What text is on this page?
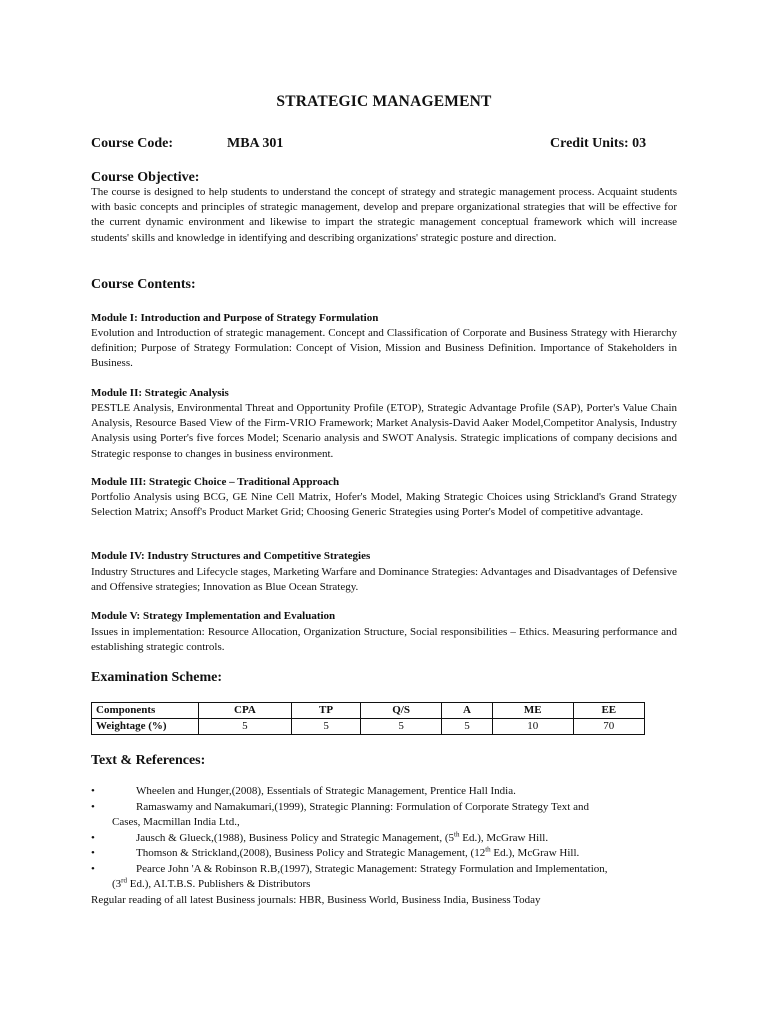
STRATEGIC MANAGEMENT
Course Code:	MBA 301	Credit Units: 03
Course Objective:

The course is designed to help students to understand the concept of strategy and strategic management process. Acquaint students with basic concepts and principles of strategic management, develop and prepare organizational strategies that will be effective for the current dynamic environment and likewise to impart the strategic management conceptual framework which will increase students' skills and knowledge in identifying and describing organizations' strategic posture and direction.

Course Contents:
Module I: Introduction and Purpose of Strategy Formulation

Evolution and Introduction of strategic management. Concept and Classification of Corporate and Business Strategy with Hierarchy definition; Purpose of Strategy Formulation: Concept of Vision, Mission and Business Definition. Importance of Stakeholders in Business.

Module II: Strategic Analysis

PESTLE Analysis, Environmental Threat and Opportunity Profile (ETOP), Strategic Advantage Profile (SAP), Porter's Value Chain Analysis, Resource Based View of the Firm-VRIO Framework; Market Analysis-David Aaker Model,Competitor Analysis, Industry Analysis using Porter's five forces Model; Scenario analysis and SWOT Analysis. Strategic implications of company decisions and Strategic response to changes in business environment.

Module III: Strategic Choice – Traditional Approach

Portfolio Analysis using BCG, GE Nine Cell Matrix, Hofer's Model, Making Strategic Choices using Strickland's Grand Strategy Selection Matrix; Ansoff's Product Market Grid; Choosing Generic Strategies using Porter's Model of competitive advantage.

Module IV: Industry Structures and Competitive Strategies

Industry Structures and Lifecycle stages, Marketing Warfare and Dominance Strategies: Advantages and Disadvantages of Defensive and Offensive strategies; Innovation as Blue Ocean Strategy.

Module V: Strategy Implementation and Evaluation

Issues in implementation: Resource Allocation, Organization Structure, Social responsibilities – Ethics. Measuring performance and establishing strategic controls.

Examination Scheme:
Components	CPA	TP	Q/S	A	ME	EE
Weightage (%)	5	5	5	5	10	70
Text & References:
•	Wheelen and Hunger,(2008), Essentials of Strategic Management, Prentice Hall India.
•	Ramaswamy and Namakumari,(1999), Strategic Planning: Formulation of Corporate Strategy Text and
Cases, Macmillan India Ltd.,
•	Jausch & Glueck,(1988), Business Policy and Strategic Management, (5th Ed.), McGraw Hill.
•	Thomson & Strickland,(2008), Business Policy and Strategic Management, (12th Ed.), McGraw Hill.
•	Pearce John 'A & Robinson R.B,(1997), Strategic Management: Strategy Formulation and Implementation,
(3rd Ed.), AI.T.B.S. Publishers & Distributors
Regular reading of all latest Business journals: HBR, Business World, Business India, Business Today
